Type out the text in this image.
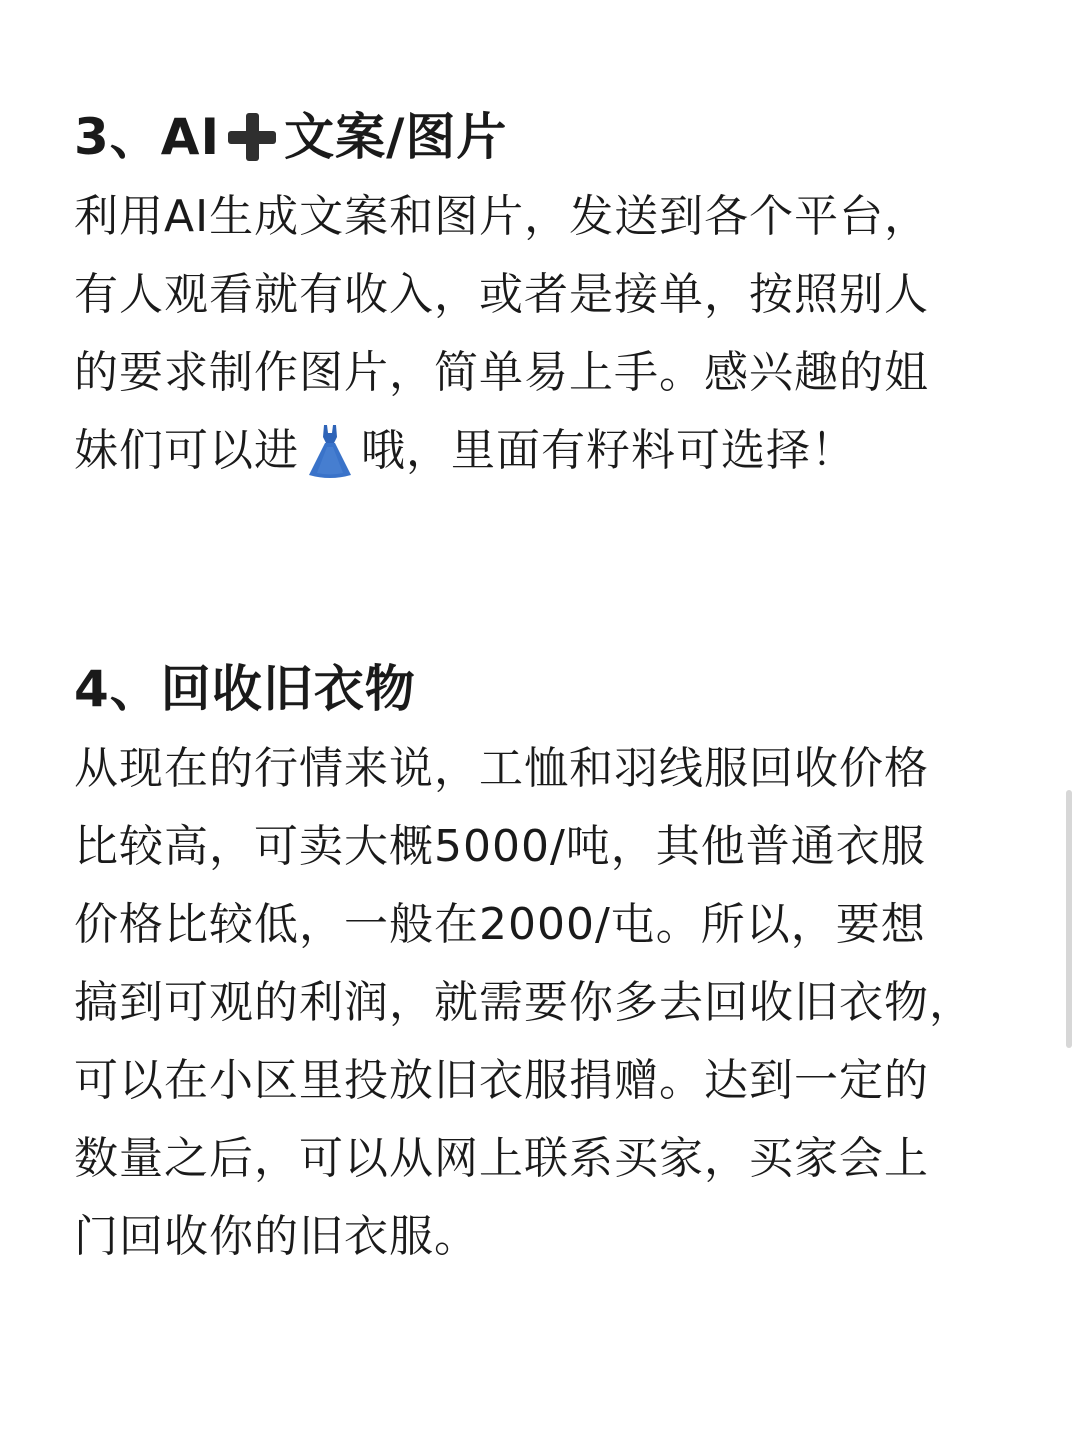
3、AI 文案/图片
利用AI生成文案和图片，发送到各个平台，
有人观看就有收入，或者是接单，按照别人
的要求制作图片，简单易上手。感兴趣的姐
妹们可以进 哦，里面有籽料可选择！
4、回收旧衣物
从现在的行情来说，工恤和羽线服回收价格
比较高，可卖大概5000/吨，其他普通衣服
价格比较低，一般在2000/屯。所以，要想
搞到可观的利润，就需要你多去回收旧衣物，
可以在小区里投放旧衣服捐赠。达到一定的
数量之后，可以从网上联系买家，买家会上
门回收你的旧衣服。
